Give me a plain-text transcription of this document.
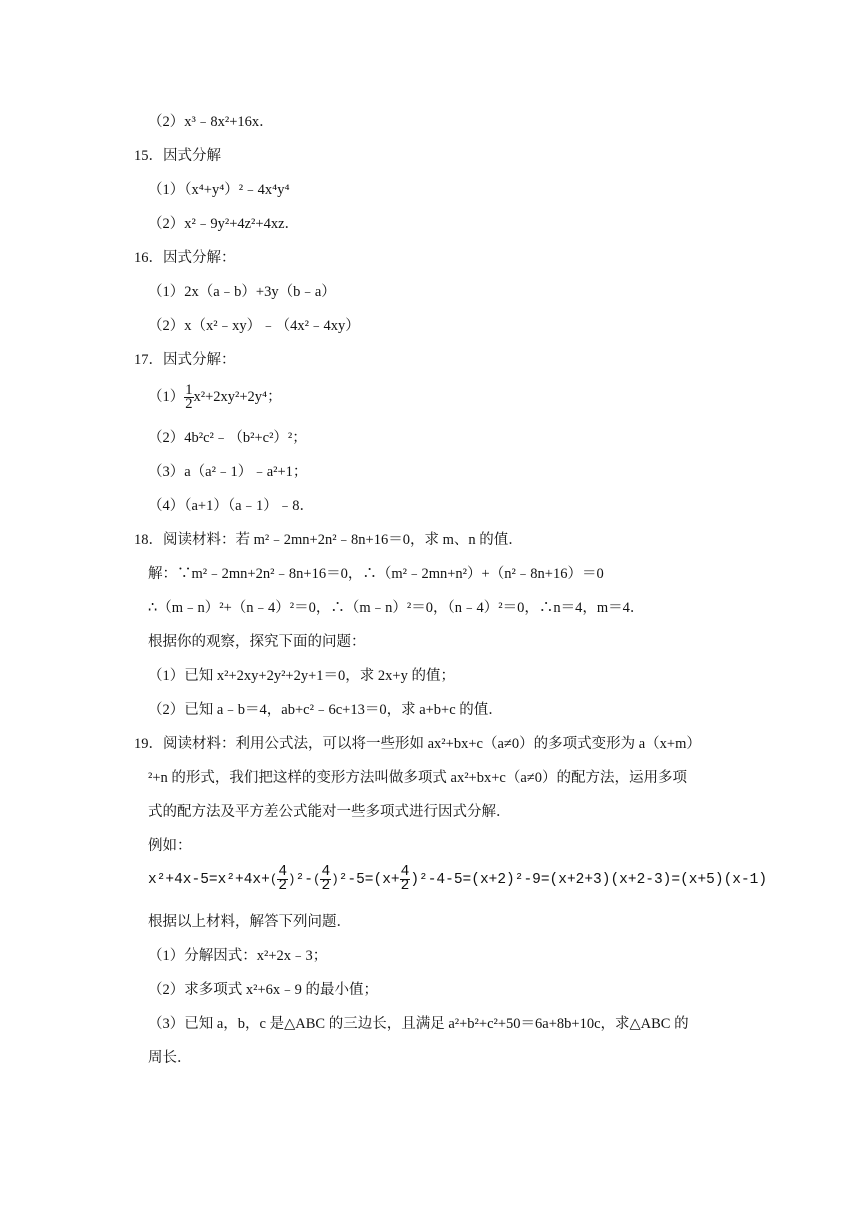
（2）x³﹣8x²+16x．
15．因式分解
（1）（x⁴+y⁴）²﹣4x⁴y⁴
（2）x²﹣9y²+4z²+4xz．
16．因式分解：
（1）2x（a﹣b）+3y（b﹣a）
（2）x（x²﹣xy）﹣（4x²﹣4xy）
17．因式分解：
$(1) \frac{1}{2} x^2+2xy^2+2y^4$；
（2）4b²c²﹣（b²+c²）²；
（3）a（a²﹣1）﹣a²+1；
（4）（a+1）（a﹣1）﹣8．
18．阅读材料：若 m²﹣2mn+2n²﹣8n+16＝0，求 m、n 的值．
解：∵m²﹣2mn+2n²﹣8n+16＝0，∴（m²﹣2mn+n²）+（n²﹣8n+16）＝0
∴（m﹣n）²+（n﹣4）²＝0，∴（m﹣n）²＝0，（n﹣4）²＝0，∴n＝4，m＝4．
根据你的观察，探究下面的问题：
（1）已知 x²+2xy+2y²+2y+1＝0，求 2x+y 的值；
（2）已知 a﹣b＝4，ab+c²﹣6c+13＝0，求 a+b+c 的值．
19．阅读材料：利用公式法，可以将一些形如 ax²+bx+c（a≠0）的多项式变形为 a（x+m）
²+n 的形式，我们把这样的变形方法叫做多项式 ax²+bx+c（a≠0）的配方法，运用多项
式的配方法及平方差公式能对一些多项式进行因式分解．
例如：
$x^2+4x-5=x^2+4x+( \frac{4}{2} )^2-( \frac{4}{2} )^2-5=(x+ \frac{4}{2} )^2-4-5=(x+2)^2-9=(x+2+3)(x+2-3)=(x+5)(x-1)$
根据以上材料，解答下列问题．
（1）分解因式：x²+2x﹣3；
（2）求多项式 x²+6x﹣9 的最小值；
（3）已知 a，b，c 是△ABC 的三边长，且满足 a²+b²+c²+50＝6a+8b+10c，求△ABC 的
周长．
